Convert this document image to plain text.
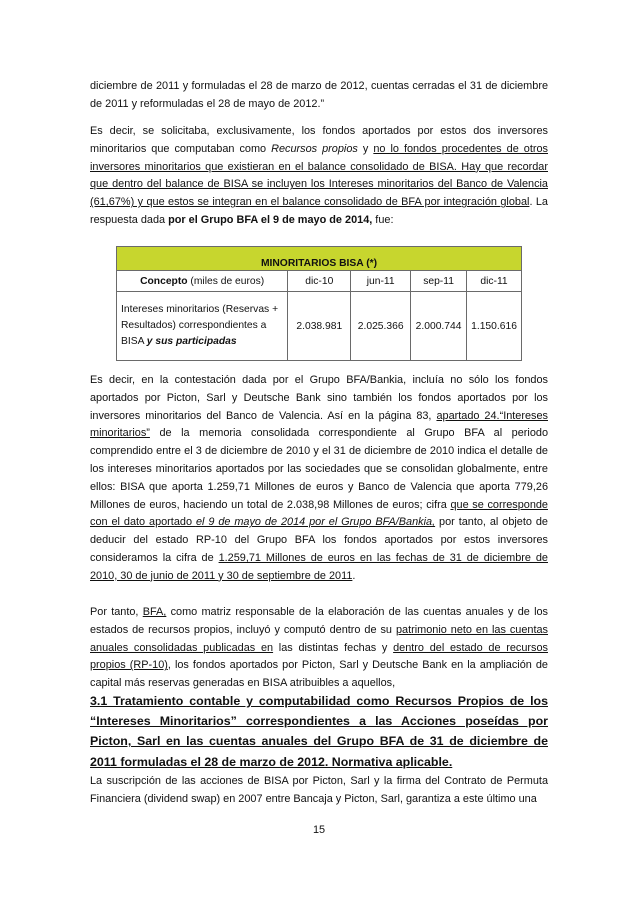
diciembre de 2011 y formuladas el 28 de marzo de 2012, cuentas cerradas el 31 de diciembre de 2011 y reformuladas el 28 de mayo de 2012.”

Es decir, se solicitaba, exclusivamente, los fondos aportados por estos dos inversores minoritarios que computaban como Recursos propios y no lo fondos procedentes de otros inversores minoritarios que existieran en el balance consolidado de BISA. Hay que recordar que dentro del balance de BISA se incluyen los Intereses minoritarios del Banco de Valencia (61,67%) y que estos se integran en el balance consolidado de BFA por integración global. La respuesta dada por el Grupo BFA el 9 de mayo de 2014, fue:

MINORITARIOS BISA (*)				
Concepto (miles de euros)	dic-10	jun-11	sep-11	dic-11
Intereses minoritarios (Reservas + Resultados) correspondientes a BISA y sus participadas	2.038.981	2.025.366	2.000.744	1.150.616

Es decir, en la contestación dada por el Grupo BFA/Bankia, incluía no sólo los fondos aportados por Picton, Sarl y Deutsche Bank sino también los fondos aportados por los inversores minoritarios del Banco de Valencia. Así en la página 83, apartado 24.“Intereses minoritarios” de la memoria consolidada correspondiente al Grupo BFA al periodo comprendido entre el 3 de diciembre de 2010 y el 31 de diciembre de 2010 indica el detalle de los intereses minoritarios aportados por las sociedades que se consolidan globalmente, entre ellos: BISA que aporta 1.259,71 Millones de euros y Banco de Valencia que aporta 779,26 Millones de euros, haciendo un total de 2.038,98 Millones de euros; cifra que se corresponde con el dato aportado el 9 de mayo de 2014 por el Grupo BFA/Bankia, por tanto, al objeto de deducir del estado RP-10 del Grupo BFA los fondos aportados por estos inversores consideramos la cifra de 1.259,71 Millones de euros en las fechas de 31 de diciembre de 2010, 30 de junio de 2011 y 30 de septiembre de 2011.

Por tanto, BFA, como matriz responsable de la elaboración de las cuentas anuales y de los estados de recursos propios, incluyó y computó dentro de su patrimonio neto en las cuentas anuales consolidadas publicadas en las distintas fechas y dentro del estado de recursos propios (RP-10), los fondos aportados por Picton, Sarl y Deutsche Bank en la ampliación de capital más reservas generadas en BISA atribuibles a aquellos,

3.1 Tratamiento contable y computabilidad como Recursos Propios de los “Intereses Minoritarios” correspondientes a las Acciones poseídas por Picton, Sarl en las cuentas anuales del Grupo BFA de 31 de diciembre de 2011 formuladas el 28 de marzo de 2012. Normativa aplicable.

La suscripción de las acciones de BISA por Picton, Sarl y la firma del Contrato de Permuta Financiera (dividend swap) en 2007 entre Bancaja y Picton, Sarl, garantiza a este último una

15
